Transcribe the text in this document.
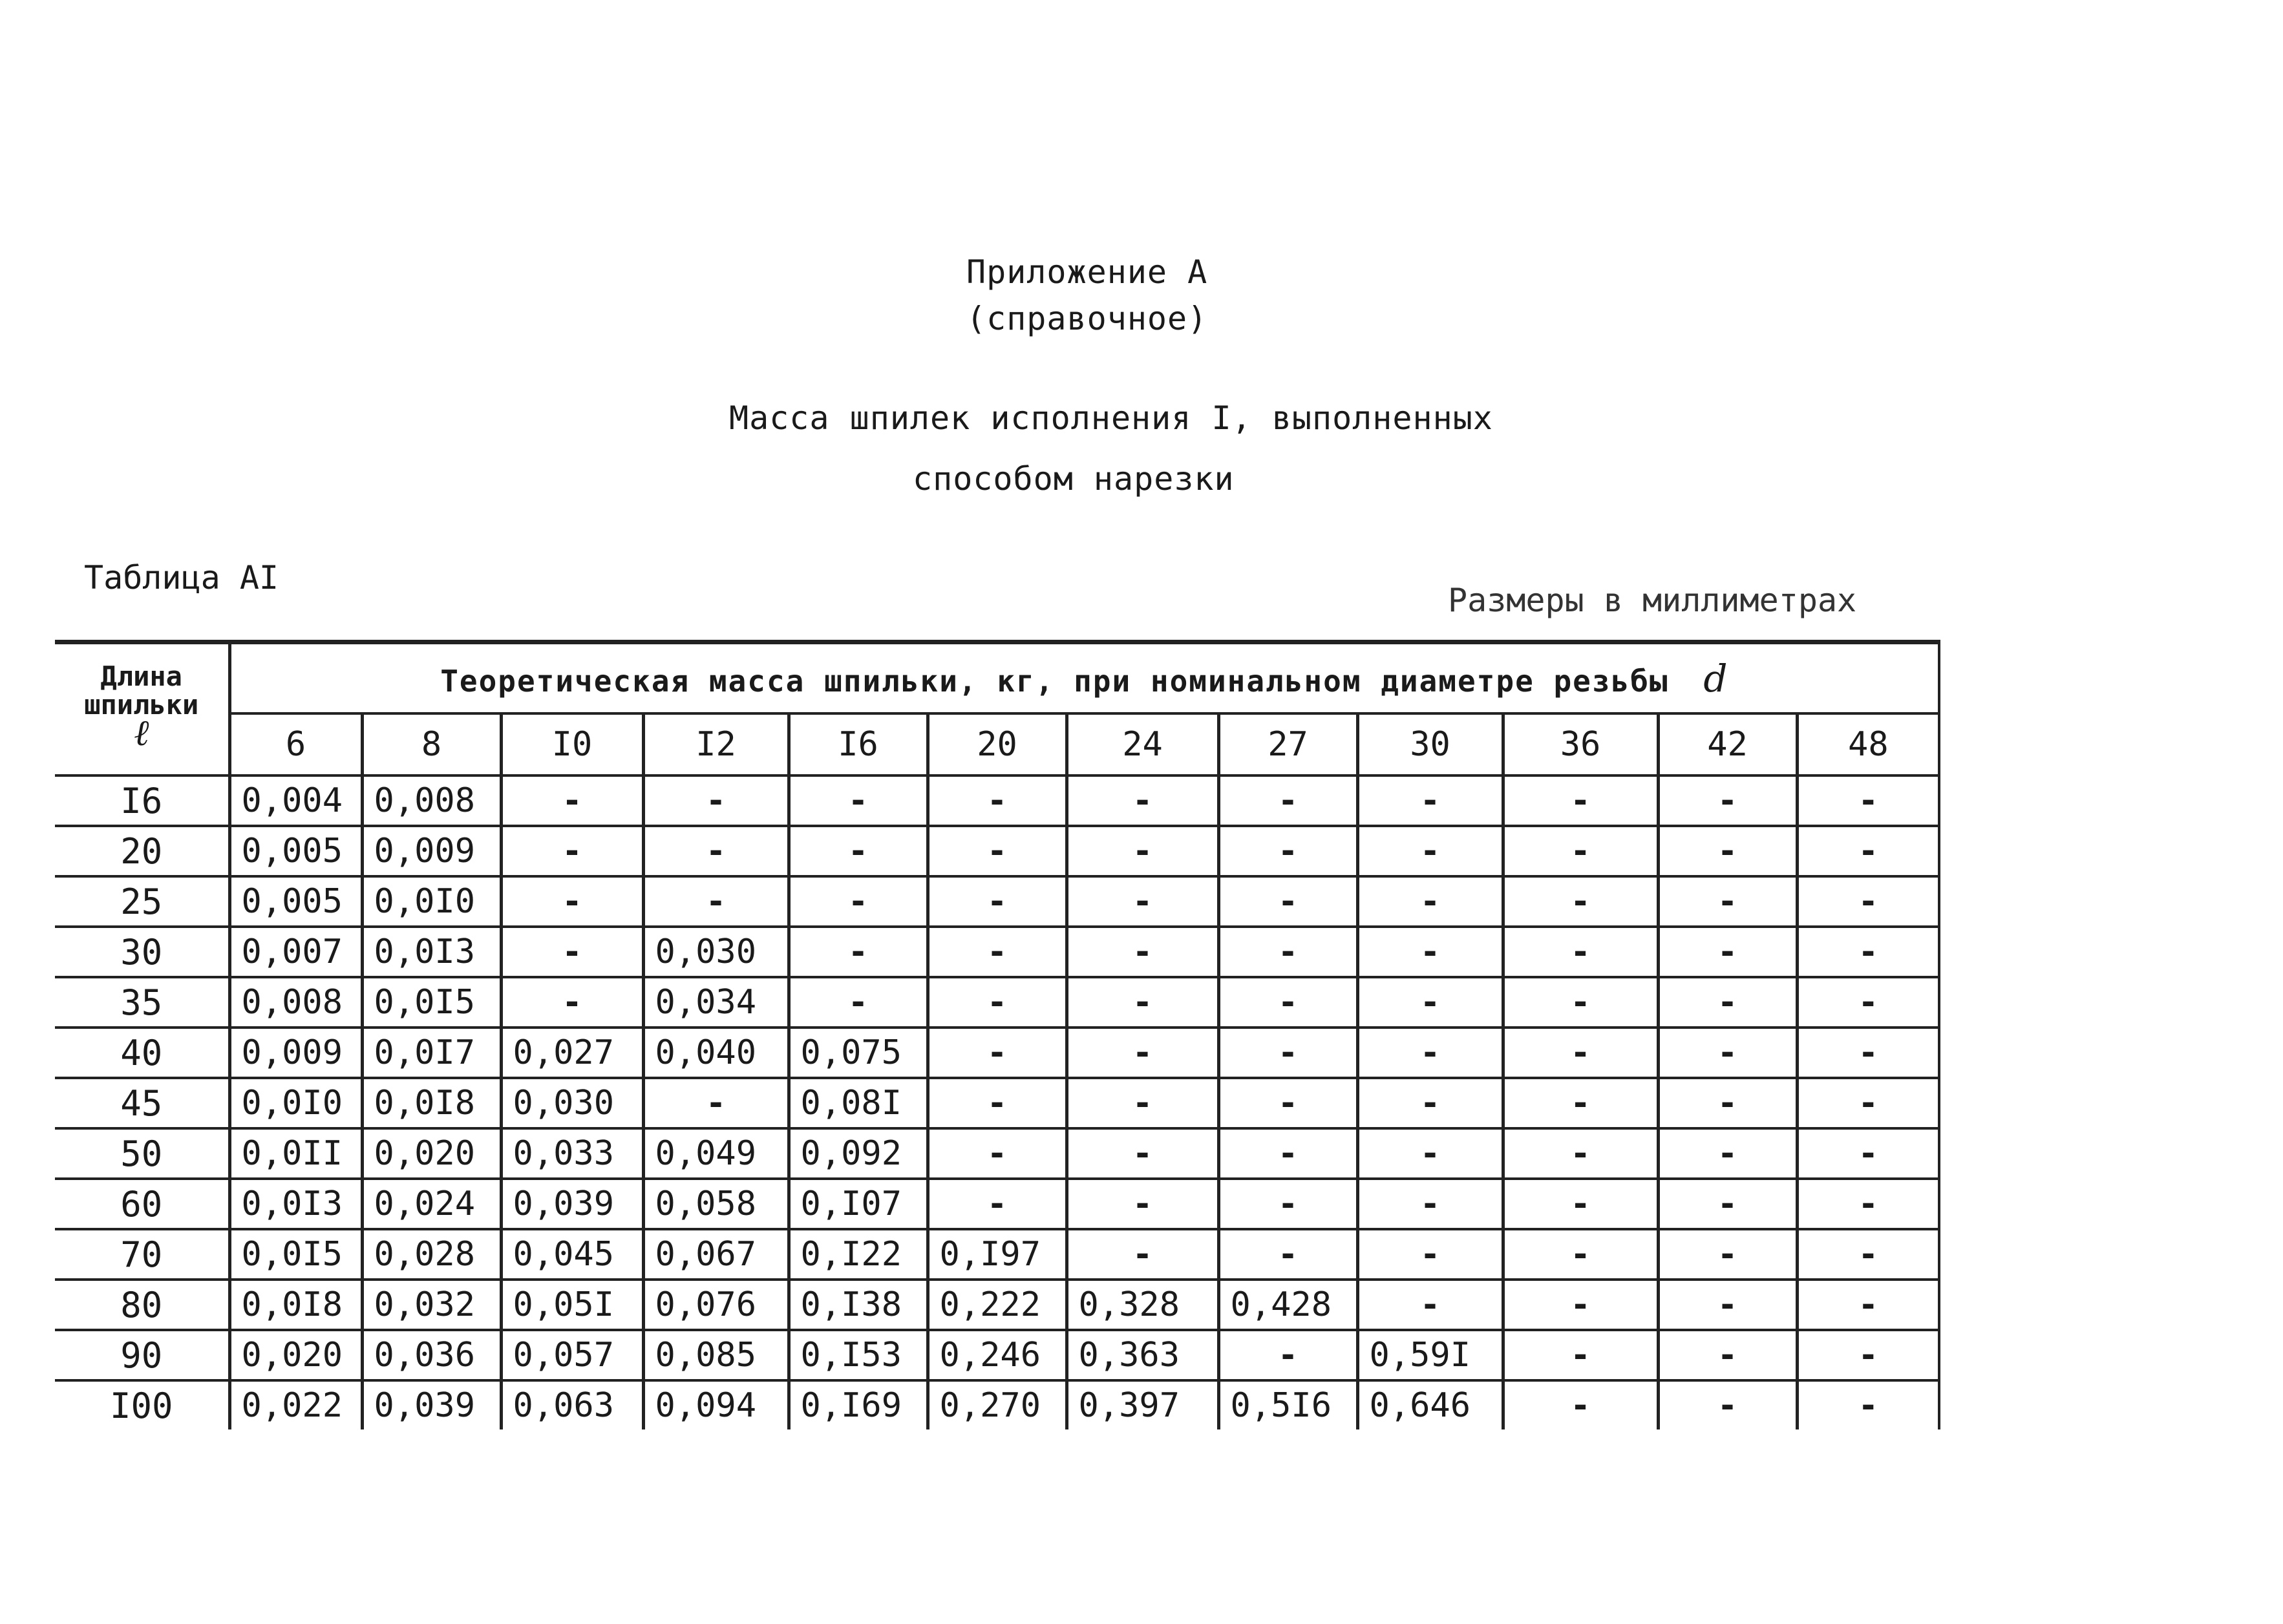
Приложение А
(справочное)
Масса шпилек исполнения I, выполненных
способом нарезки
Таблица AI
Размеры в миллиметрах
Длина
шпильки
ℓ	Теоретическая масса шпильки, кг, при номинальном диаметре резьбы d											
	6	8	I0	I2	I6	20	24	27	30	36	42	48
I6	0,004	0,008	-	-	-	-	-	-	-	-	-	-
20	0,005	0,009	-	-	-	-	-	-	-	-	-	-
25	0,005	0,0I0	-	-	-	-	-	-	-	-	-	-
30	0,007	0,0I3	-	0,030	-	-	-	-	-	-	-	-
35	0,008	0,0I5	-	0,034	-	-	-	-	-	-	-	-
40	0,009	0,0I7	0,027	0,040	0,075	-	-	-	-	-	-	-
45	0,0I0	0,0I8	0,030	-	0,08I	-	-	-	-	-	-	-
50	0,0II	0,020	0,033	0,049	0,092	-	-	-	-	-	-	-
60	0,0I3	0,024	0,039	0,058	0,I07	-	-	-	-	-	-	-
70	0,0I5	0,028	0,045	0,067	0,I22	0,I97	-	-	-	-	-	-
80	0,0I8	0,032	0,05I	0,076	0,I38	0,222	0,328	0,428	-	-	-	-
90	0,020	0,036	0,057	0,085	0,I53	0,246	0,363	-	0,59I	-	-	-
I00	0,022	0,039	0,063	0,094	0,I69	0,270	0,397	0,5I6	0,646	-	-	-
